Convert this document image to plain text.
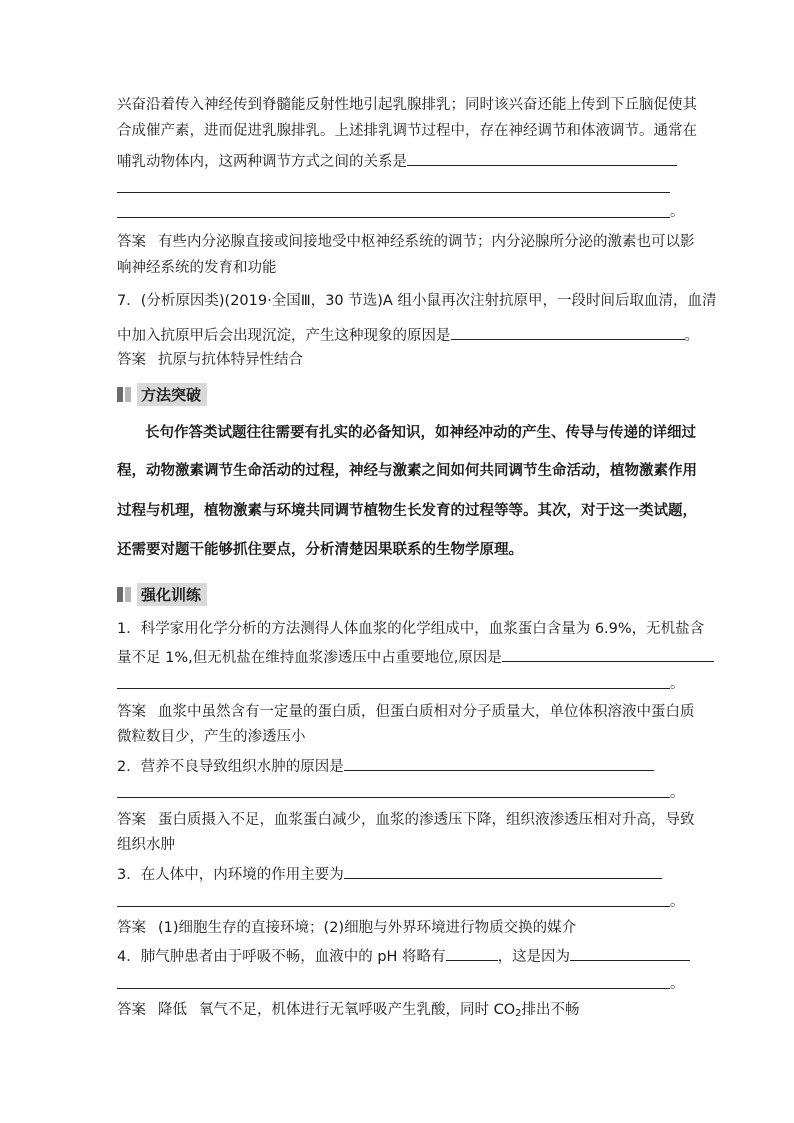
兴奋沿着传入神经传到脊髓能反射性地引起乳腺排乳；同时该兴奋还能上传到下丘脑促使其
合成催产素，进而促进乳腺排乳。上述排乳调节过程中，存在神经调节和体液调节。通常在
哺乳动物体内，这两种调节方式之间的关系是
。
答案 有些内分泌腺直接或间接地受中枢神经系统的调节；内分泌腺所分泌的激素也可以影
响神经系统的发育和功能
7．(分析原因类)(2019·全国Ⅲ，30 节选)A 组小鼠再次注射抗原甲，一段时间后取血清，血清
中加入抗原甲后会出现沉淀，产生这种现象的原因是	。
答案 抗原与抗体特异性结合
方法突破
长句作答类试题往往需要有扎实的必备知识，如神经冲动的产生、传导与传递的详细过
程，动物激素调节生命活动的过程，神经与激素之间如何共同调节生命活动，植物激素作用
过程与机理，植物激素与环境共同调节植物生长发育的过程等等。其次，对于这一类试题，
还需要对题干能够抓住要点，分析清楚因果联系的生物学原理。
强化训练
1．科学家用化学分析的方法测得人体血浆的化学组成中，血浆蛋白含量为 6.9%，无机盐含
量不足 1%,但无机盐在维持血浆渗透压中占重要地位,原因是
。
答案 血浆中虽然含有一定量的蛋白质，但蛋白质相对分子质量大，单位体积溶液中蛋白质
微粒数目少，产生的渗透压小
2．营养不良导致组织水肿的原因是
。
答案 蛋白质摄入不足，血浆蛋白减少，血浆的渗透压下降，组织液渗透压相对升高，导致
组织水肿
3．在人体中，内环境的作用主要为
。
答案 (1)细胞生存的直接环境；(2)细胞与外界环境进行物质交换的媒介
4．肺气肿患者由于呼吸不畅，血液中的 pH 将略有	，这是因为
。
答案 降低 氧气不足，机体进行无氧呼吸产生乳酸，同时 $CO_2$排出不畅
